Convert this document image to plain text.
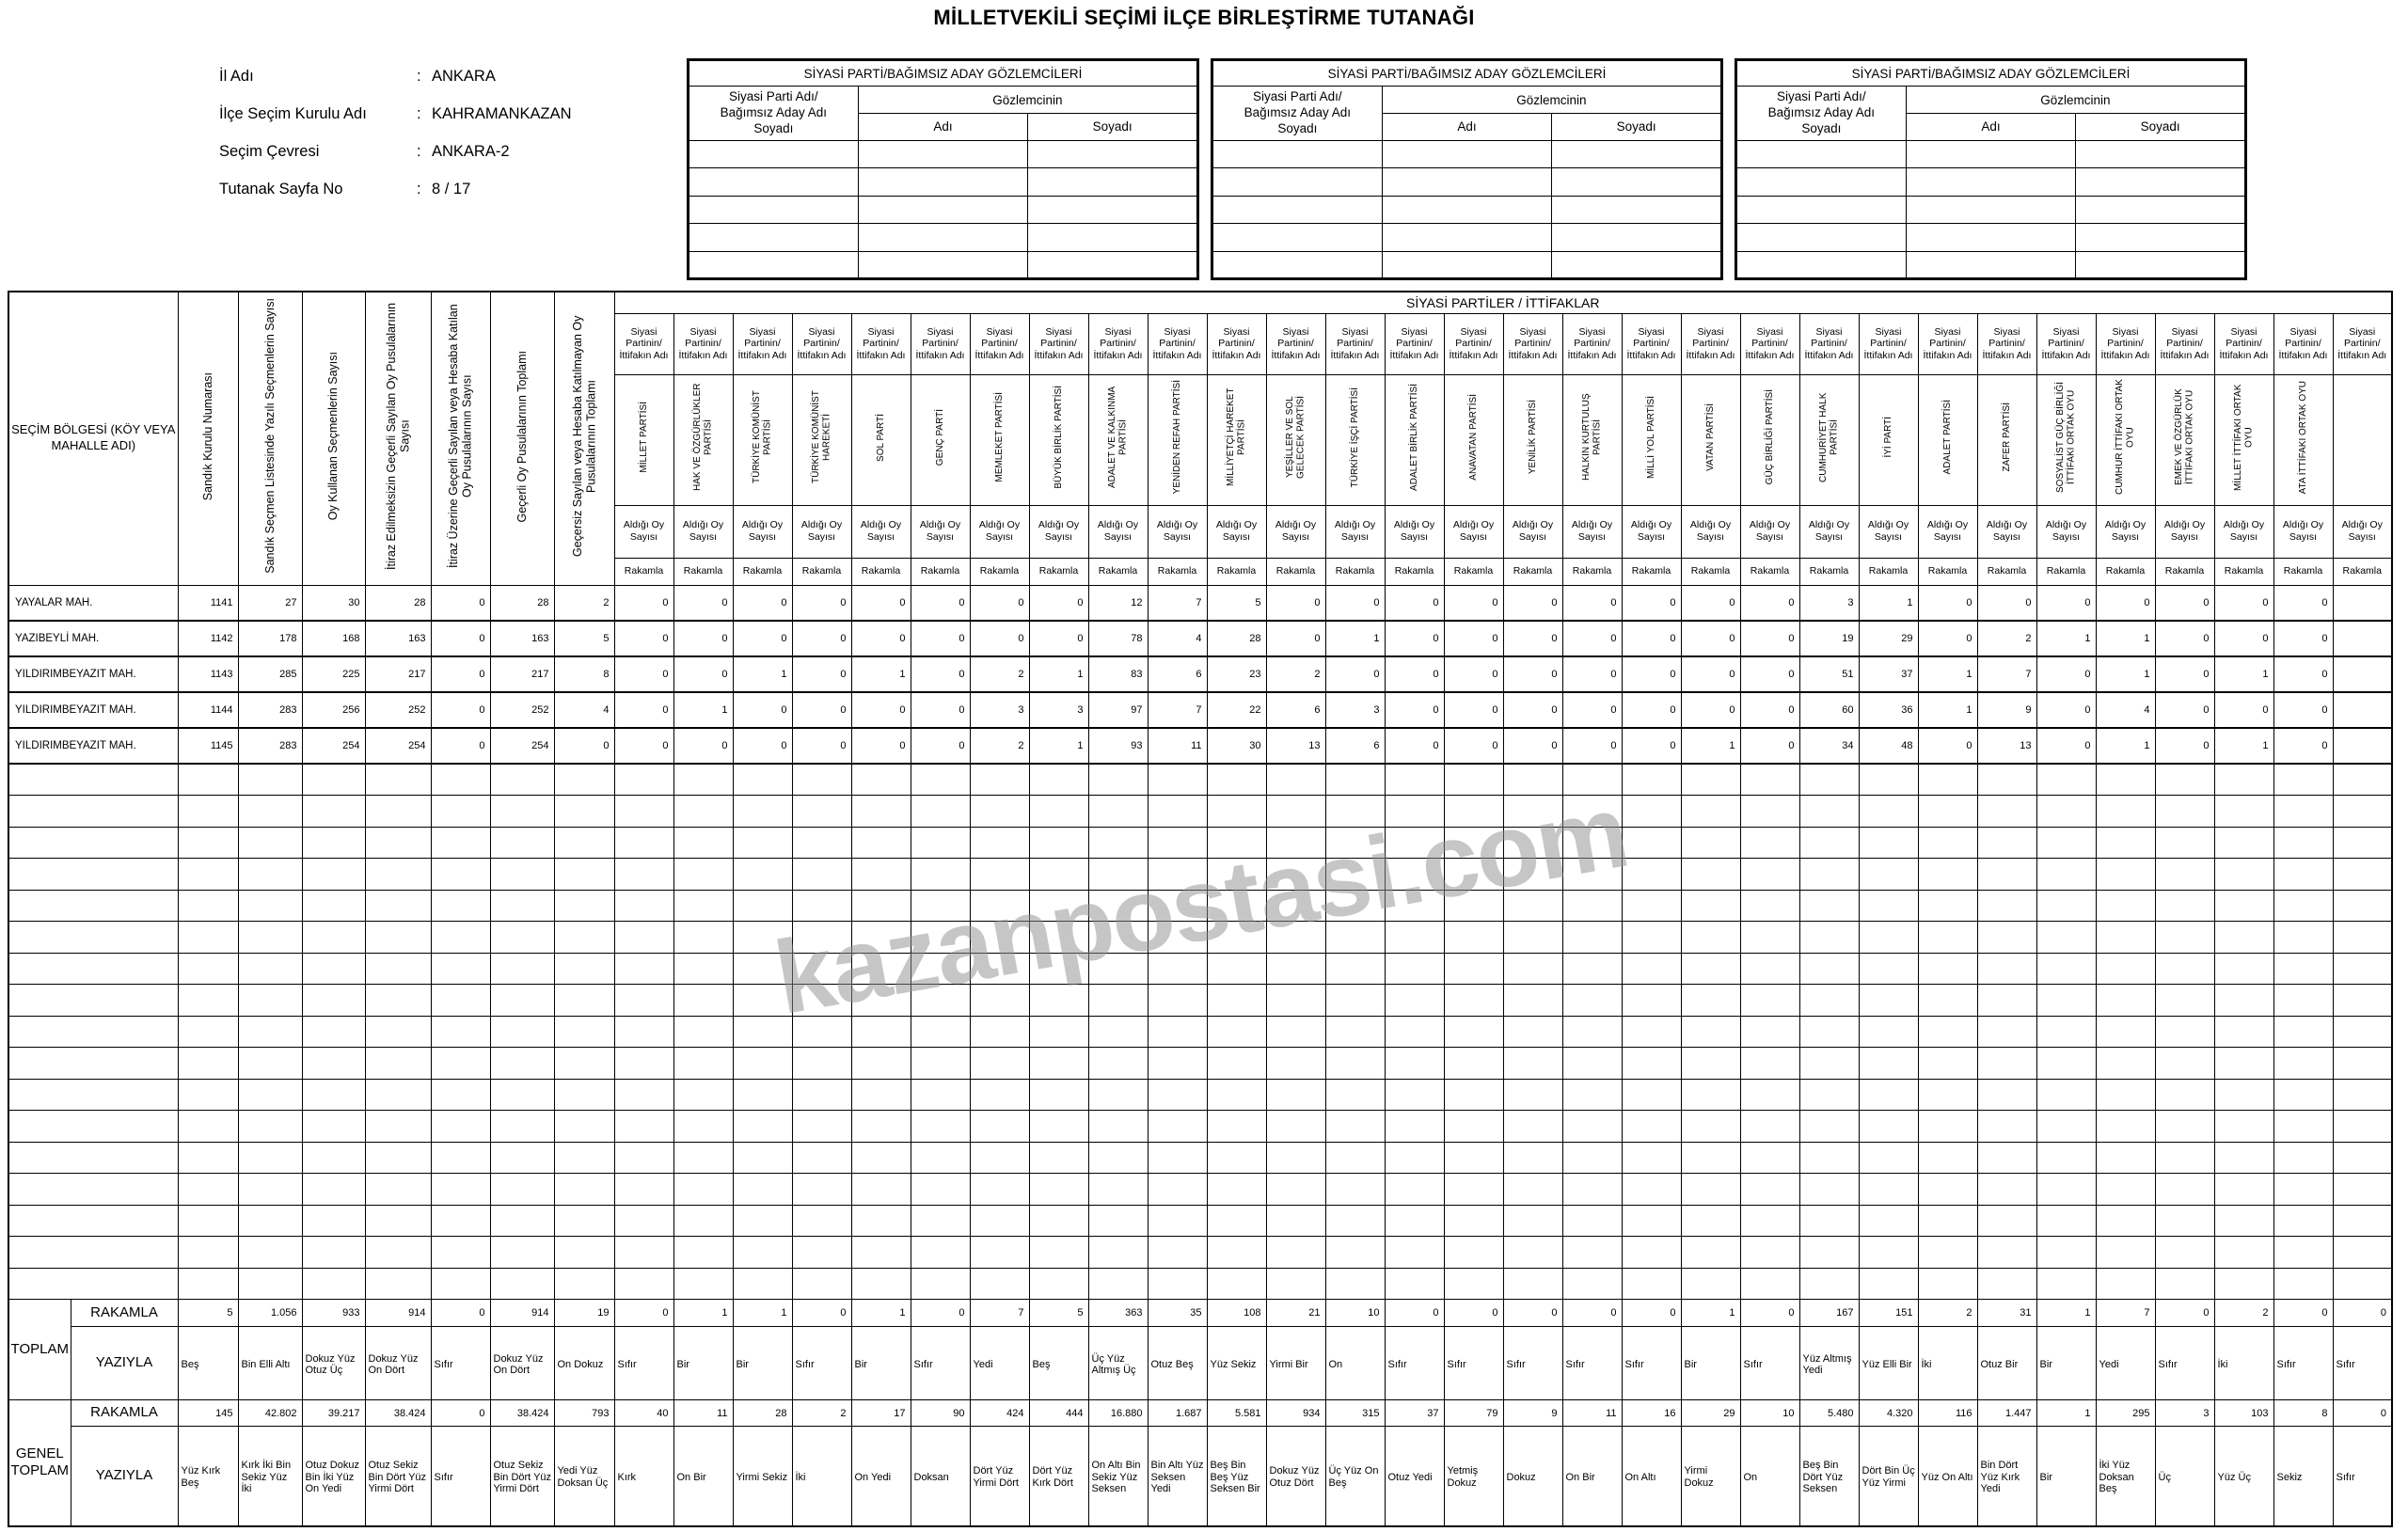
MİLLETVEKİLİ SEÇİMİ İLÇE BİRLEŞTİRME TUTANAĞI
İl Adı	: ANKARA
İlçe Seçim Kurulu Adı	: KAHRAMANKAZAN
Seçim Çevresi	: ANKARA-2
Tutanak Sayfa No	: 8 / 17
SİYASİ PARTİ/BAĞIMSIZ ADAY GÖZLEMCİLERİ		
Siyasi Parti Adı/ Bağımsız Aday Adı Soyadı	Gözlemcinin	
	Adı	Soyadı

SİYASİ PARTİ/BAĞIMSIZ ADAY GÖZLEMCİLERİ		
Siyasi Parti Adı/ Bağımsız Aday Adı Soyadı	Gözlemcinin	
	Adı	Soyadı

SİYASİ PARTİ/BAĞIMSIZ ADAY GÖZLEMCİLERİ		
Siyasi Parti Adı/ Bağımsız Aday Adı Soyadı	Gözlemcinin	
	Adı	Soyadı

SEÇİM BÖLGESİ (KÖY VEYA MAHALLE ADI)		Sandık Kurulu Numarası	Sandık Seçmen Listesinde Yazılı Seçmenlerin Sayısı	Oy Kullanan Seçmenlerin Sayısı	İtiraz Edilmeksizin Geçerli Sayılan Oy Pusulalarının Sayısı	İtiraz Üzerine Geçerli Sayılan veya Hesaba Katılan Oy Pusulalarının Sayısı	Geçerli Oy Pusulalarının Toplamı	Geçersiz Sayılan veya Hesaba Katılmayan Oy Pusulalarının Toplamı	SİYASİ PARTİLER / İTTİFAKLAR																													
									Siyasi Partinin/ İttifakın Adı	Siyasi Partinin/ İttifakın Adı	Siyasi Partinin/ İttifakın Adı	Siyasi Partinin/ İttifakın Adı	Siyasi Partinin/ İttifakın Adı	Siyasi Partinin/ İttifakın Adı	Siyasi Partinin/ İttifakın Adı	Siyasi Partinin/ İttifakın Adı	Siyasi Partinin/ İttifakın Adı	Siyasi Partinin/ İttifakın Adı	Siyasi Partinin/ İttifakın Adı	Siyasi Partinin/ İttifakın Adı	Siyasi Partinin/ İttifakın Adı	Siyasi Partinin/ İttifakın Adı	Siyasi Partinin/ İttifakın Adı	Siyasi Partinin/ İttifakın Adı	Siyasi Partinin/ İttifakın Adı	Siyasi Partinin/ İttifakın Adı	Siyasi Partinin/ İttifakın Adı	Siyasi Partinin/ İttifakın Adı	Siyasi Partinin/ İttifakın Adı	Siyasi Partinin/ İttifakın Adı	Siyasi Partinin/ İttifakın Adı	Siyasi Partinin/ İttifakın Adı	Siyasi Partinin/ İttifakın Adı	Siyasi Partinin/ İttifakın Adı	Siyasi Partinin/ İttifakın Adı	Siyasi Partinin/ İttifakın Adı	Siyasi Partinin/ İttifakın Adı	Siyasi Partinin/ İttifakın Adı
									MİLLET PARTİSİ	HAK VE ÖZGÜRLÜKLER PARTİSİ	TÜRKİYE KOMÜNİST PARTİSİ	TÜRKİYE KOMÜNİST HAREKETİ	SOL PARTİ	GENÇ PARTİ	MEMLEKET PARTİSİ	BÜYÜK BİRLİK PARTİSİ	ADALET VE KALKINMA PARTİSİ	YENİDEN REFAH PARTİSİ	MİLLİYETÇİ HAREKET PARTİSİ	YEŞİLLER VE SOL GELECEK PARTİSİ	TÜRKİYE İŞÇİ PARTİSİ	ADALET BİRLİK PARTİSİ	ANAVATAN PARTİSİ	YENİLİK PARTİSİ	HALKIN KURTULUŞ PARTİSİ	MİLLİ YOL PARTİSİ	VATAN PARTİSİ	GÜÇ BİRLİĞİ PARTİSİ	CUMHURİYET HALK PARTİSİ	İYİ PARTİ	ADALET PARTİSİ	ZAFER PARTİSİ	SOSYALİST GÜÇ BİRLİĞİ İTTİFAKI ORTAK OYU	CUMHUR İTTİFAKI ORTAK OYU	EMEK VE ÖZGÜRLÜK İTTİFAKI ORTAK OYU	MİLLET İTTİFAKI ORTAK OYU	ATA İTTİFAKI ORTAK OYU	
									Aldığı Oy Sayısı	Aldığı Oy Sayısı	Aldığı Oy Sayısı	Aldığı Oy Sayısı	Aldığı Oy Sayısı	Aldığı Oy Sayısı	Aldığı Oy Sayısı	Aldığı Oy Sayısı	Aldığı Oy Sayısı	Aldığı Oy Sayısı	Aldığı Oy Sayısı	Aldığı Oy Sayısı	Aldığı Oy Sayısı	Aldığı Oy Sayısı	Aldığı Oy Sayısı	Aldığı Oy Sayısı	Aldığı Oy Sayısı	Aldığı Oy Sayısı	Aldığı Oy Sayısı	Aldığı Oy Sayısı	Aldığı Oy Sayısı	Aldığı Oy Sayısı	Aldığı Oy Sayısı	Aldığı Oy Sayısı	Aldığı Oy Sayısı	Aldığı Oy Sayısı	Aldığı Oy Sayısı	Aldığı Oy Sayısı	Aldığı Oy Sayısı	Aldığı Oy Sayısı
									Rakamla	Rakamla	Rakamla	Rakamla	Rakamla	Rakamla	Rakamla	Rakamla	Rakamla	Rakamla	Rakamla	Rakamla	Rakamla	Rakamla	Rakamla	Rakamla	Rakamla	Rakamla	Rakamla	Rakamla	Rakamla	Rakamla	Rakamla	Rakamla	Rakamla	Rakamla	Rakamla	Rakamla	Rakamla	Rakamla
YAYALAR MAH.		1141	27	30	28	0	28	2	0	0	0	0	0	0	0	0	12	7	5	0	0	0	0	0	0	0	0	0	3	1	0	0	0	0	0	0	0	
YAZIBEYLİ MAH.		1142	178	168	163	0	163	5	0	0	0	0	0	0	0	0	78	4	28	0	1	0	0	0	0	0	0	0	19	29	0	2	1	1	0	0	0	
YILDIRIMBEYAZIT MAH.		1143	285	225	217	0	217	8	0	0	1	0	1	0	2	1	83	6	23	2	0	0	0	0	0	0	0	0	51	37	1	7	0	1	0	1	0	
YILDIRIMBEYAZIT MAH.		1144	283	256	252	0	252	4	0	1	0	0	0	0	3	3	97	7	22	6	3	0	0	0	0	0	0	0	60	36	1	9	0	4	0	0	0	
YILDIRIMBEYAZIT MAH.		1145	283	254	254	0	254	0	0	0	0	0	0	0	2	1	93	11	30	13	6	0	0	0	0	0	1	0	34	48	0	13	0	1	0	1	0	

TOPLAM	RAKAMLA	5	1.056	933	914	0	914	19	0	1	1	0	1	0	7	5	363	35	108	21	10	0	0	0	0	0	1	0	167	151	2	31	1	7	0	2	0	0
	YAZIYLA	Beş	Bin Elli Altı	Dokuz Yüz Otuz Üç	Dokuz Yüz On Dört	Sıfır	Dokuz Yüz On Dört	On Dokuz	Sıfır	Bir	Bir	Sıfır	Bir	Sıfır	Yedi	Beş	Üç Yüz Altmış Üç	Otuz Beş	Yüz Sekiz	Yirmi Bir	On	Sıfır	Sıfır	Sıfır	Sıfır	Sıfır	Bir	Sıfır	Yüz Altmış Yedi	Yüz Elli Bir	İki	Otuz Bir	Bir	Yedi	Sıfır	İki	Sıfır	Sıfır
GENEL TOPLAM	RAKAMLA	145	42.802	39.217	38.424	0	38.424	793	40	11	28	2	17	90	424	444	16.880	1.687	5.581	934	315	37	79	9	11	16	29	10	5.480	4.320	116	1.447	1	295	3	103	8	0
	YAZIYLA	Yüz Kırk Beş	Kırk İki Bin Sekiz Yüz İki	Otuz Dokuz Bin İki Yüz On Yedi	Otuz Sekiz Bin Dört Yüz Yirmi Dört	Sıfır	Otuz Sekiz Bin Dört Yüz Yirmi Dört	Yedi Yüz Doksan Üç	Kırk	On Bir	Yirmi Sekiz	İki	On Yedi	Doksan	Dört Yüz Yirmi Dört	Dört Yüz Kırk Dört	On Altı Bin Sekiz Yüz Seksen	Bin Altı Yüz Seksen Yedi	Beş Bin Beş Yüz Seksen Bir	Dokuz Yüz Otuz Dört	Üç Yüz On Beş	Otuz Yedi	Yetmiş Dokuz	Dokuz	On Bir	On Altı	Yirmi Dokuz	On	Beş Bin Dört Yüz Seksen	Dört Bin Üç Yüz Yirmi	Yüz On Altı	Bin Dört Yüz Kırk Yedi	Bir	İki Yüz Doksan Beş	Üç	Yüz Üç	Sekiz	Sıfır
kazanpostasi.com
